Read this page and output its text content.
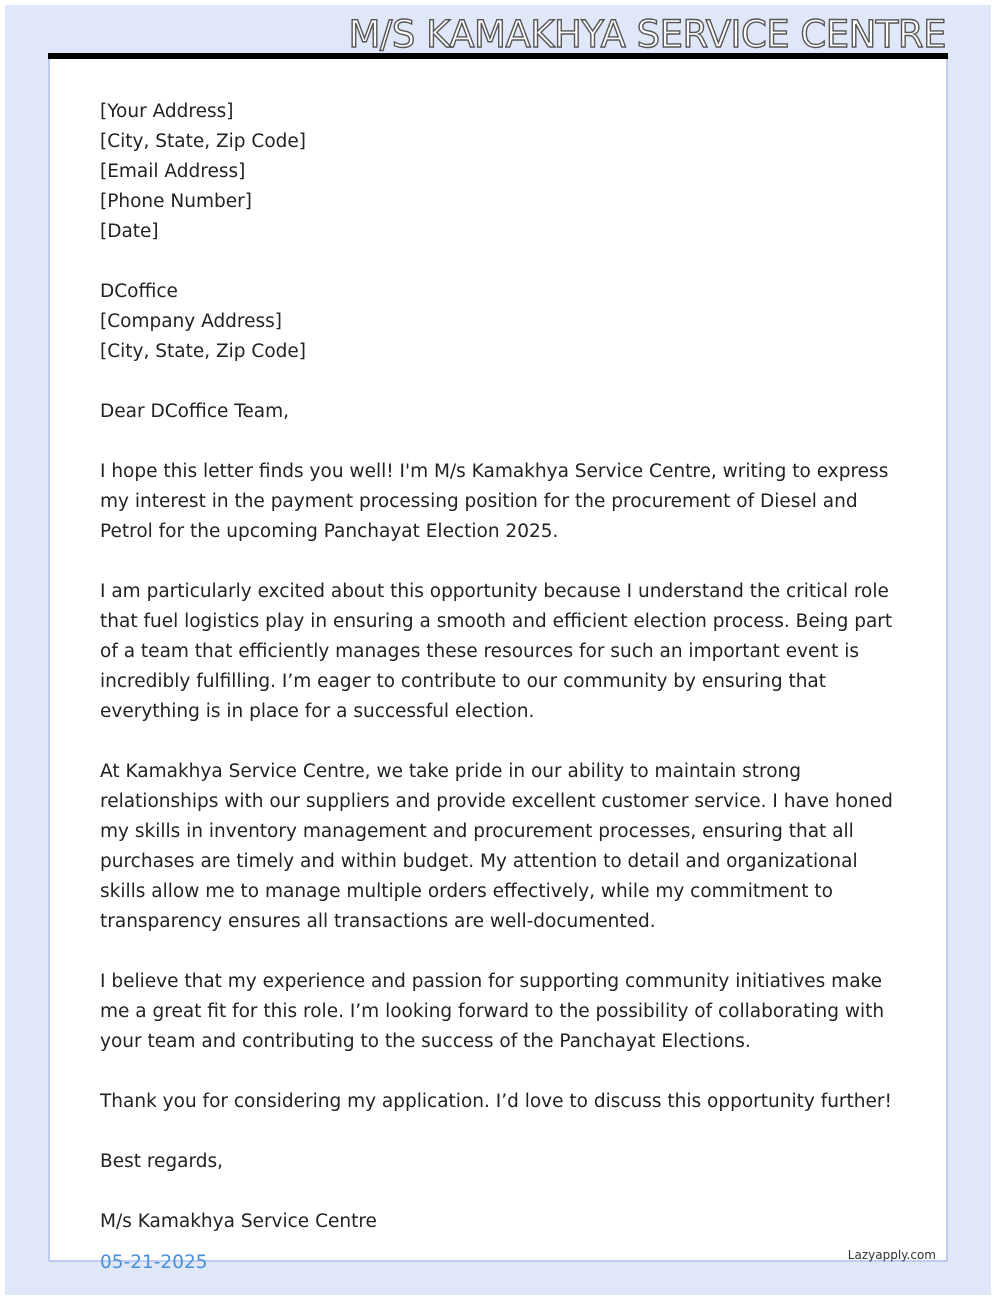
M/S KAMAKHYA SERVICE CENTRE
[Your Address]
[City, State, Zip Code]
[Email Address]
[Phone Number]
[Date]
DCoffice
[Company Address]
[City, State, Zip Code]
Dear DCoffice Team,
I hope this letter finds you well! I'm M/s Kamakhya Service Centre, writing to express my interest in the payment processing position for the procurement of Diesel and Petrol for the upcoming Panchayat Election 2025.
I am particularly excited about this opportunity because I understand the critical role that fuel logistics play in ensuring a smooth and efficient election process. Being part of a team that efficiently manages these resources for such an important event is incredibly fulfilling. I’m eager to contribute to our community by ensuring that everything is in place for a successful election.
At Kamakhya Service Centre, we take pride in our ability to maintain strong relationships with our suppliers and provide excellent customer service. I have honed my skills in inventory management and procurement processes, ensuring that all purchases are timely and within budget. My attention to detail and organizational skills allow me to manage multiple orders effectively, while my commitment to transparency ensures all transactions are well-documented.
I believe that my experience and passion for supporting community initiatives make me a great fit for this role. I’m looking forward to the possibility of collaborating with your team and contributing to the success of the Panchayat Elections.
Thank you for considering my application. I’d love to discuss this opportunity further!
Best regards,
M/s Kamakhya Service Centre
05-21-2025	Lazyapply.com
